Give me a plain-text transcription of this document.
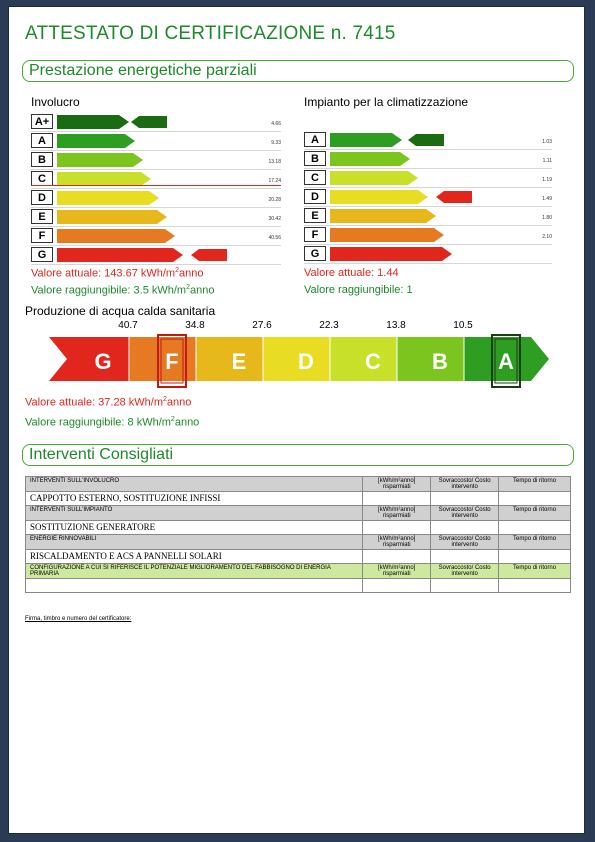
ATTESTATO DI CERTIFICAZIONE n. 7415
Prestazione energetiche parziali
Involucro
A+	4.66
A	9.33
B	13.18
C	17.24
D	20.28
E	30.42
F	40.56
G
Valore attuale: 143.67 kWh/$m^2anno$
Valore raggiungibile: 3.5 kWh/$m^2anno$
Impianto per la climatizzazione
A	1.03
B	1.11
C	1.19
D	1.49
E	1.80
F	2.10
G
Valore attuale: 1.44
Valore raggiungibile: 1
Produzione di acqua calda sanitaria
40.7	34.8	27.6	22.3	13.8	10.5
G F E D C B A
Valore attuale: 37.28 kWh/$m^2anno$
Valore raggiungibile: 8 kWh/$m^2anno$
Interventi Consigliati
INTERVENTI SULL'INVOLUCRO	[kWh/m²anno] risparmiati	Sovraccosto/ Costo intervento	Tempo di ritorno
CAPPOTTO ESTERNO, SOSTITUZIONE INFISSI			
INTERVENTI SULL'IMPIANTO	[kWh/m²anno] risparmiati	Sovraccosto/ Costo intervento	Tempo di ritorno
SOSTITUZIONE GENERATORE			
ENERGIE RINNOVABILI	[kWh/m²anno] risparmiati	Sovraccosto/ Costo intervento	Tempo di ritorno
RISCALDAMENTO E ACS A PANNELLI SOLARI			
CONFIGURAZIONE A CUI SI RIFERISCE IL POTENZIALE MIGLIORAMENTO DEL FABBISOGNO DI ENERGIA PRIMARIA	[kWh/m²anno] risparmiati	Sovraccosto/ Costo intervento	Tempo di ritorno

Firma, timbro e numero del certificatore:
